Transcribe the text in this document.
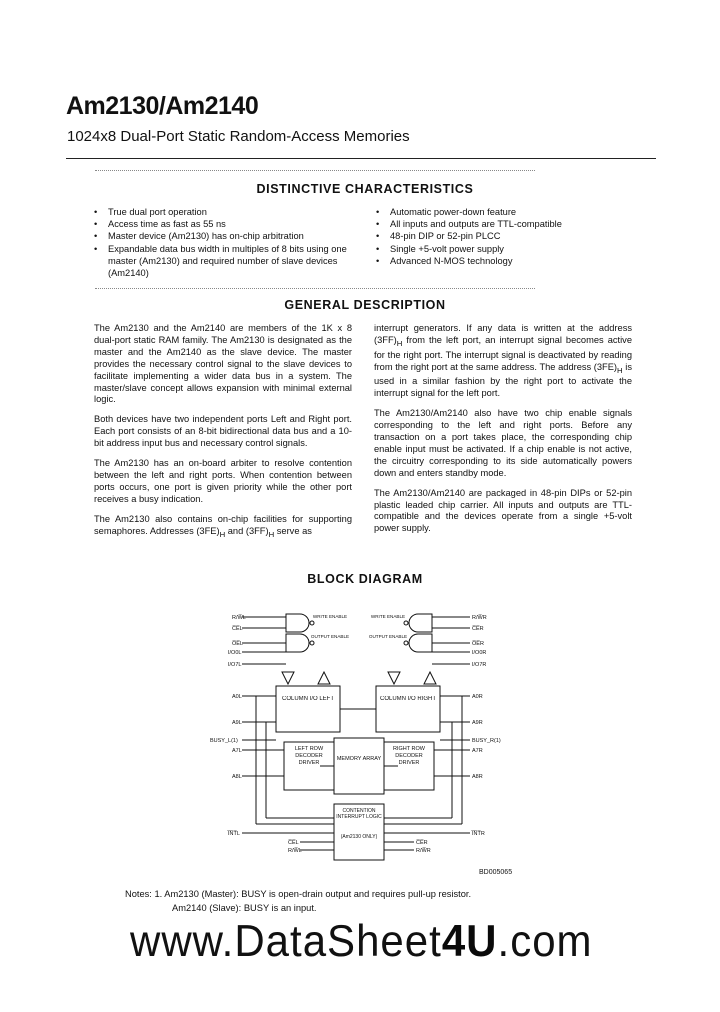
Am2130/Am2140
1024x8 Dual-Port Static Random-Access Memories
DISTINCTIVE CHARACTERISTICS
• True dual port operation
• Access time as fast as 55 ns
• Master device (Am2130) has on-chip arbitration
• Expandable data bus width in multiples of 8 bits using one master (Am2130) and required number of slave devices (Am2140)
• Automatic power-down feature
• All inputs and outputs are TTL-compatible
• 48-pin DIP or 52-pin PLCC
• Single +5-volt power supply
• Advanced N-MOS technology
GENERAL DESCRIPTION

The Am2130 and the Am2140 are members of the 1K x 8 dual-port static RAM family. The Am2130 is designated as the master and the Am2140 as the slave device. The master provides the necessary control signal to the slave devices to facilitate implementing a wider data bus in a system. The master/slave concept allows expansion with minimal external logic.

Both devices have two independent ports Left and Right port. Each port consists of an 8-bit bidirectional data bus and a 10-bit address input bus and necessary control signals.

The Am2130 has an on-board arbiter to resolve contention between the left and right ports. When contention between ports occurs, one port is given priority while the other port receives a busy indication.

The Am2130 also contains on-chip facilities for supporting semaphores. Addresses $(3FE)_H$ and $(3FF)_H$ serve as

interrupt generators. If any data is written at the address $(3FF)_H$ from the left port, an interrupt signal becomes active for the right port. The interrupt signal is deactivated by reading from the right port at the same address. The address $(3FE)_H$ is used in a similar fashion by the right port to activate the interrupt signal for the left port.

The Am2130/Am2140 also have two chip enable signals corresponding to the left and right ports. Before any transaction on a port takes place, the corresponding chip enable input must be activated. If a chip enable is not active, the circuitry corresponding to its side automatically powers down and enters standby mode.

The Am2130/Am2140 are packaged in 48-pin DIPs or 52-pin plastic leaded chip carrier. All inputs and outputs are TTL-compatible and the devices operate from a single +5-volt power supply.

BLOCK DIAGRAM
R/W̅L
C̅E̅L
O̅E̅L
I/O0L
I/O7L
A0L
A9L
BUSY_L(1)
A7L
A8L
I̅N̅T̅L
R/W̅R
C̅E̅R
O̅E̅R
I/O0R
I/O7R
A0R
A9R
BUSY_R(1)
A7R
A8R
I̅N̅T̅R
C̅E̅L
R/W̅L
C̅E̅R
R/W̅R
WRITE ENABLE
OUTPUT ENABLE
WRITE ENABLE
OUTPUT ENABLE
COLUMN I/O LEFT	COLUMN I/O RIGHT
LEFT ROW DECODER DRIVER
RIGHT ROW DECODER DRIVER
MEMORY ARRAY
CONTENTION INTERRUPT LOGIC
(Am2130 ONLY)
BD005065
Notes: 1. Am2130 (Master): BUSY is open-drain output and requires pull-up resistor.
Am2140 (Slave): BUSY is an input.
www.DataSheet4U.com
